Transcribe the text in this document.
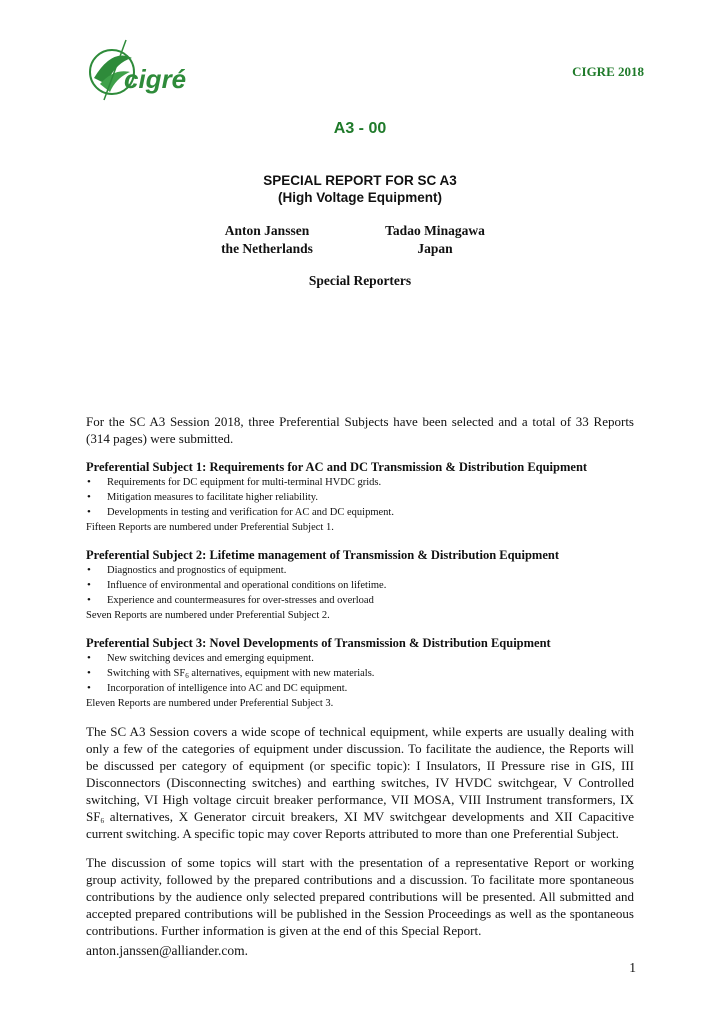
cigré	CIGRE 2018
A3 - 00
SPECIAL REPORT FOR SC A3
(High Voltage Equipment)
Anton Janssen
the Netherlands
Tadao Minagawa
Japan
Special Reporters

For the SC A3 Session 2018, three Preferential Subjects have been selected and a total of 33 Reports (314 pages) were submitted.

Preferential Subject 1: Requirements for AC and DC Transmission & Distribution Equipment
• Requirements for DC equipment for multi-terminal HVDC grids.
• Mitigation measures to facilitate higher reliability.
• Developments in testing and verification for AC and DC equipment.
Fifteen Reports are numbered under Preferential Subject 1.
Preferential Subject 2: Lifetime management of Transmission & Distribution Equipment
• Diagnostics and prognostics of equipment.
• Influence of environmental and operational conditions on lifetime.
• Experience and countermeasures for over-stresses and overload
Seven Reports are numbered under Preferential Subject 2.
Preferential Subject 3: Novel Developments of Transmission & Distribution Equipment
• New switching devices and emerging equipment.
• Switching with $SF_6$ alternatives, equipment with new materials.
• Incorporation of intelligence into AC and DC equipment.
Eleven Reports are numbered under Preferential Subject 3.

The SC A3 Session covers a wide scope of technical equipment, while experts are usually dealing with only a few of the categories of equipment under discussion. To facilitate the audience, the Reports will be discussed per category of equipment (or specific topic): I Insulators, II Pressure rise in GIS, III Disconnectors (Disconnecting switches) and earthing switches, IV HVDC switchgear, V Controlled switching, VI High voltage circuit breaker performance, VII MOSA, VIII Instrument transformers, IX $SF_6$ alternatives, X Generator circuit breakers, XI MV switchgear developments and XII Capacitive current switching. A specific topic may cover Reports attributed to more than one Preferential Subject.

The discussion of some topics will start with the presentation of a representative Report or working group activity, followed by the prepared contributions and a discussion. To facilitate more spontaneous contributions by the audience only selected prepared contributions will be presented. All submitted and accepted prepared contributions will be published in the Session Proceedings as well as the spontaneous contributions. Further information is given at the end of this Special Report.

anton.janssen@alliander.com.
1
